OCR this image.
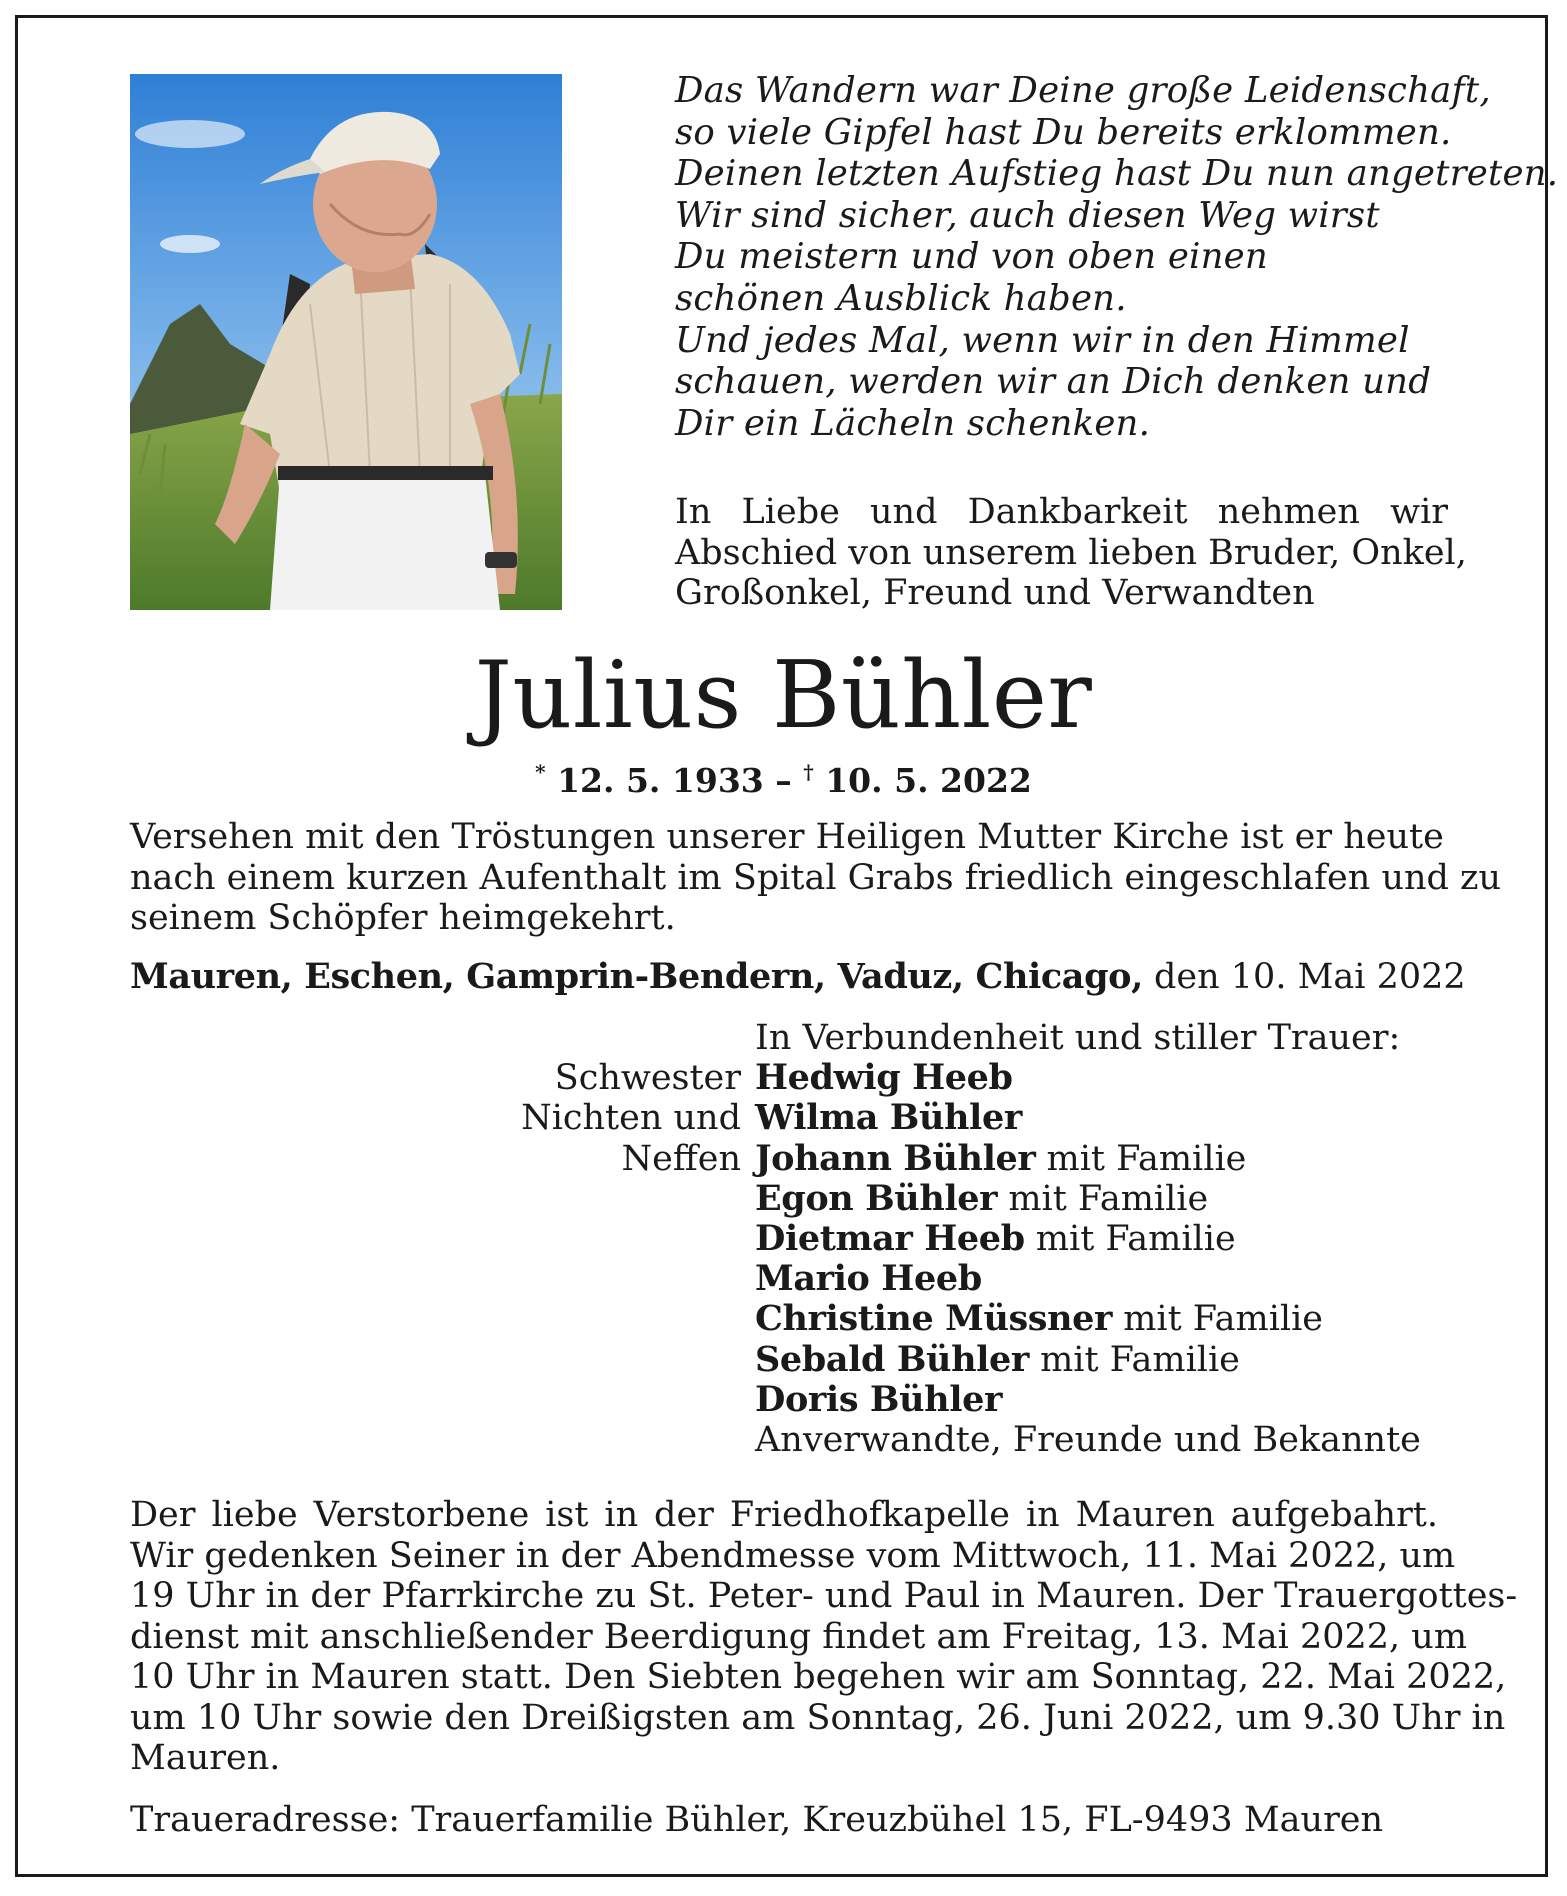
Das Wandern war Deine große Leidenschaft,
so viele Gipfel hast Du bereits erklommen.
Deinen letzten Aufstieg hast Du nun angetreten.
Wir sind sicher, auch diesen Weg wirst
Du meistern und von oben einen
schönen Ausblick haben.
Und jedes Mal, wenn wir in den Himmel
schauen, werden wir an Dich denken und
Dir ein Lächeln schenken.
In Liebe und Dankbarkeit nehmen wir
Abschied von unserem lieben Bruder, Onkel,
Großonkel, Freund und Verwandten
Julius Bühler
* 12. 5. 1933 – † 10. 5. 2022
Versehen mit den Tröstungen unserer Heiligen Mutter Kirche ist er heute
nach einem kurzen Aufenthalt im Spital Grabs friedlich eingeschlafen und zu
seinem Schöpfer heimgekehrt.
Mauren, Eschen, Gamprin-Bendern, Vaduz, Chicago, den 10. Mai 2022
In Verbundenheit und stiller Trauer:
Schwester Hedwig Heeb
Nichten und Wilma Bühler
Neffen Johann Bühler mit Familie
Egon Bühler mit Familie
Dietmar Heeb mit Familie
Mario Heeb
Christine Müssner mit Familie
Sebald Bühler mit Familie
Doris Bühler
Anverwandte, Freunde und Bekannte
Der liebe Verstorbene ist in der Friedhofkapelle in Mauren aufgebahrt.
Wir gedenken Seiner in der Abendmesse vom Mittwoch, 11. Mai 2022, um
19 Uhr in der Pfarrkirche zu St. Peter- und Paul in Mauren. Der Trauergottes-
dienst mit anschließender Beerdigung findet am Freitag, 13. Mai 2022, um
10 Uhr in Mauren statt. Den Siebten begehen wir am Sonntag, 22. Mai 2022,
um 10 Uhr sowie den Dreißigsten am Sonntag, 26. Juni 2022, um 9.30 Uhr in
Mauren.
Traueradresse: Trauerfamilie Bühler, Kreuzbühel 15, FL-9493 Mauren
